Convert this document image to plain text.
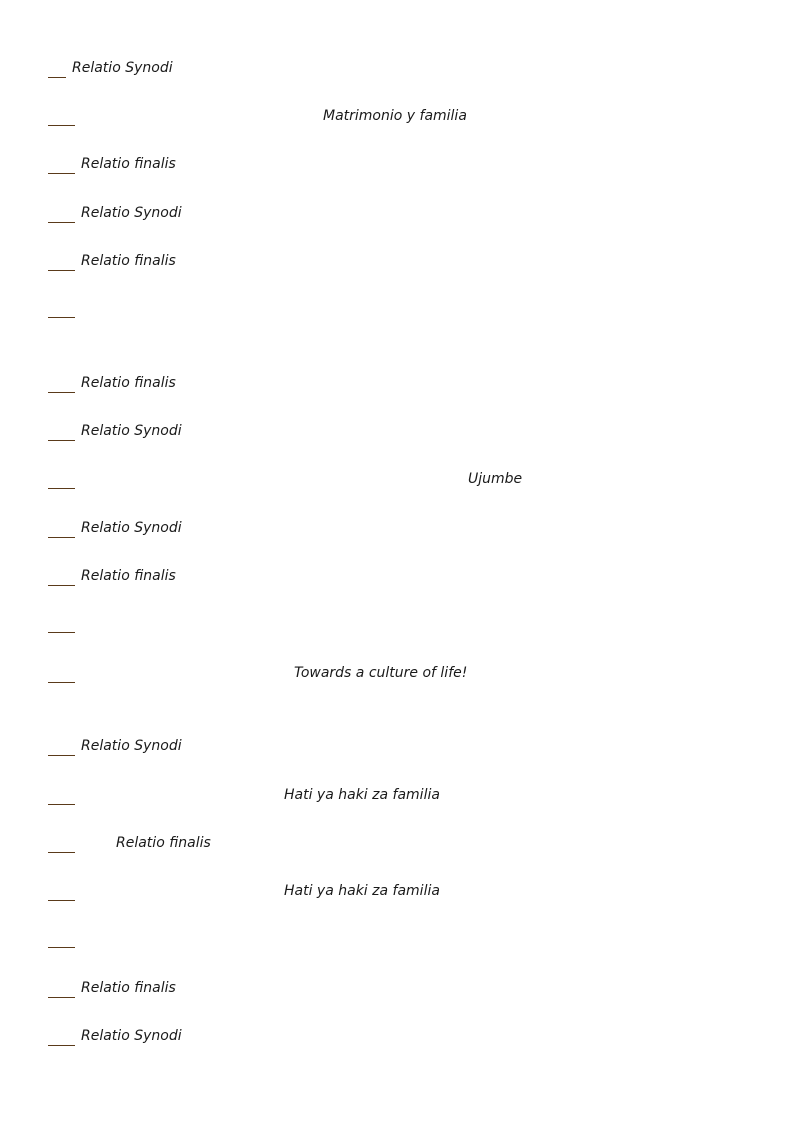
Relatio Synodi
Matrimonio y familia
Relatio finalis
Relatio Synodi
Relatio finalis
Relatio finalis
Relatio Synodi
Ujumbe
Relatio Synodi
Relatio finalis
Towards a culture of life!
Relatio Synodi
Hati ya haki za familia
Relatio finalis
Hati ya haki za familia
Relatio finalis
Relatio Synodi
